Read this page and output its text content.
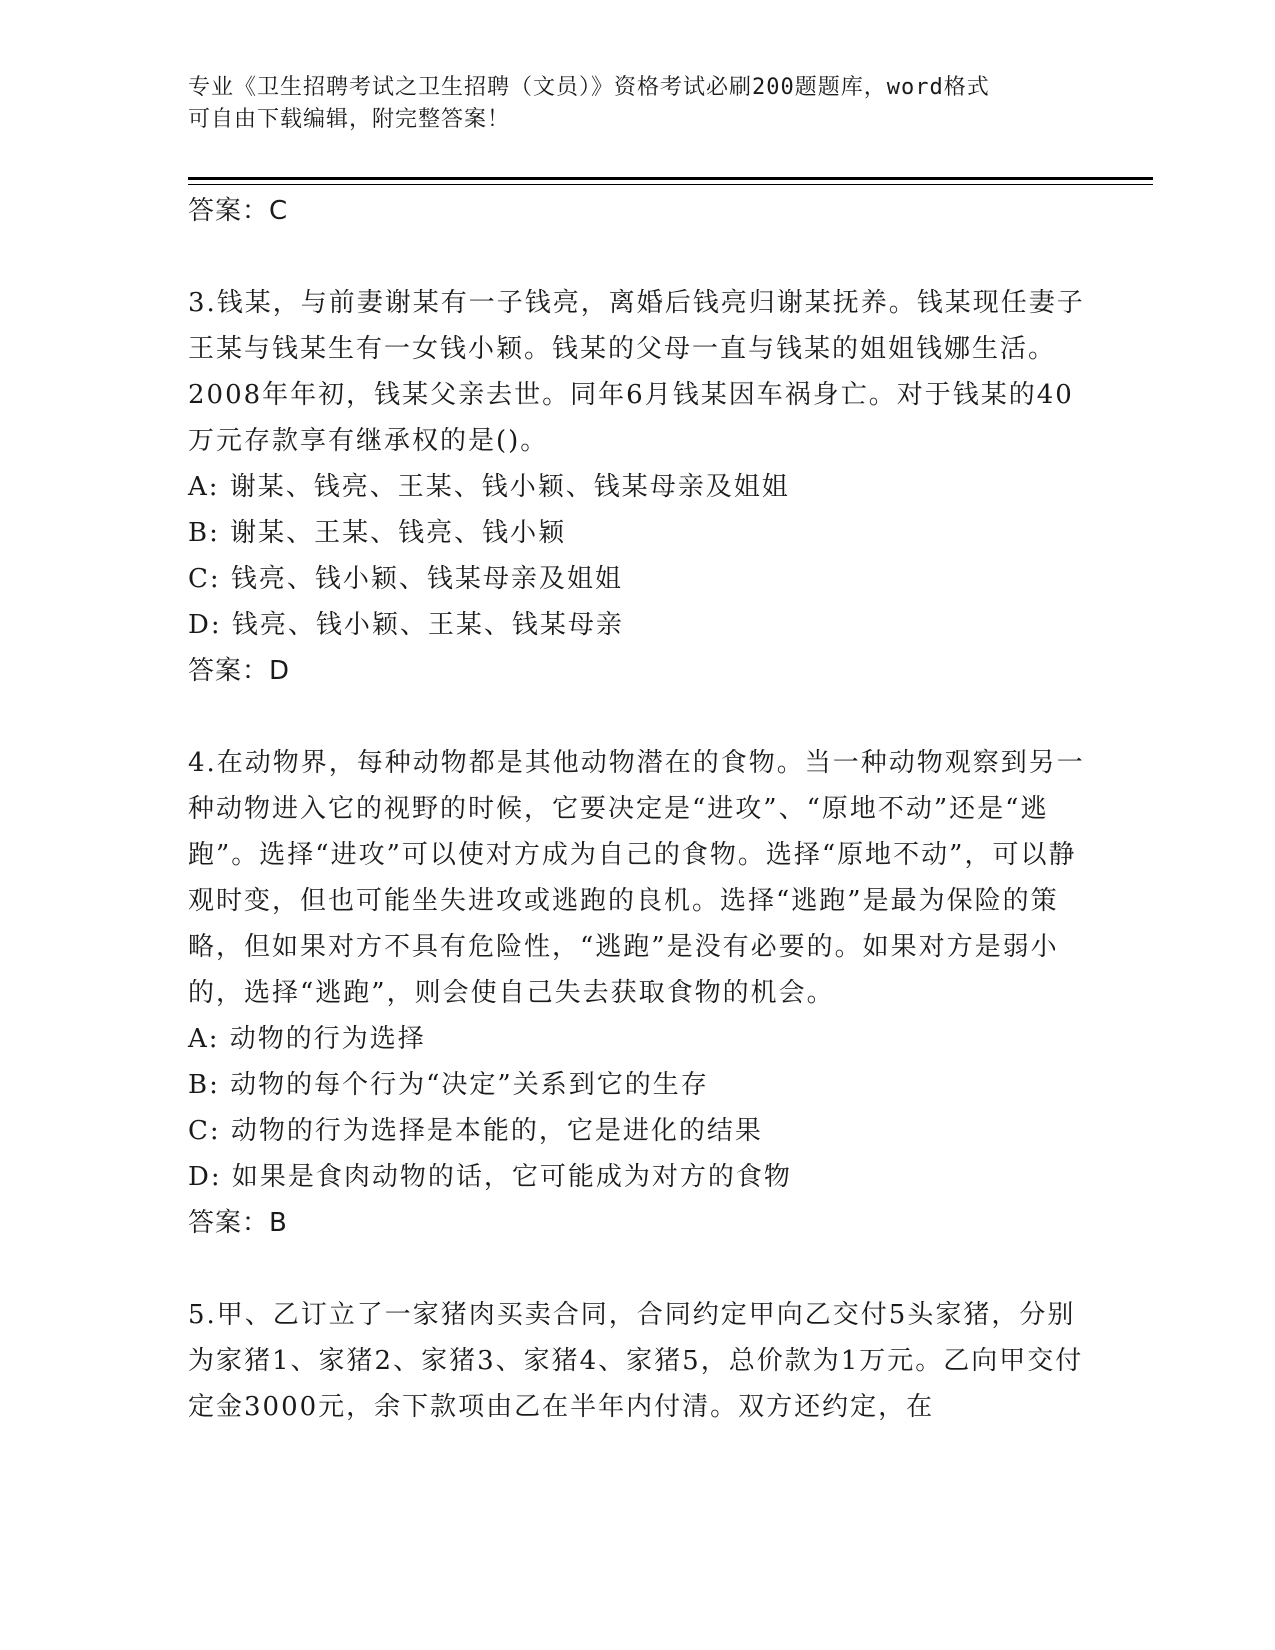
专业《卫生招聘考试之卫生招聘（文员）》资格考试必刷200题题库，word格式
可自由下载编辑，附完整答案！

答案：C

3.钱某，与前妻谢某有一子钱亮，离婚后钱亮归谢某抚养。钱某现任妻子王某与钱某生有一女钱小颖。钱某的父母一直与钱某的姐姐钱娜生活。2008年年初，钱某父亲去世。同年6月钱某因车祸身亡。对于钱某的40万元存款享有继承权的是()。

A: 谢某、钱亮、王某、钱小颖、钱某母亲及姐姐

B: 谢某、王某、钱亮、钱小颖

C: 钱亮、钱小颖、钱某母亲及姐姐

D: 钱亮、钱小颖、王某、钱某母亲

答案：D

4.在动物界，每种动物都是其他动物潜在的食物。当一种动物观察到另一种动物进入它的视野的时候，它要决定是“进攻”、“原地不动”还是“逃跑”。选择“进攻”可以使对方成为自己的食物。选择“原地不动”，可以静观时变，但也可能坐失进攻或逃跑的良机。选择“逃跑”是最为保险的策略，但如果对方不具有危险性，“逃跑”是没有必要的。如果对方是弱小的，选择“逃跑”，则会使自己失去获取食物的机会。

A: 动物的行为选择

B: 动物的每个行为“决定”关系到它的生存

C: 动物的行为选择是本能的，它是进化的结果

D: 如果是食肉动物的话，它可能成为对方的食物

答案：B

5.甲、乙订立了一家猪肉买卖合同，合同约定甲向乙交付5头家猪，分别为家猪1、家猪2、家猪3、家猪4、家猪5，总价款为1万元。乙向甲交付定金3000元，余下款项由乙在半年内付清。双方还约定，在
